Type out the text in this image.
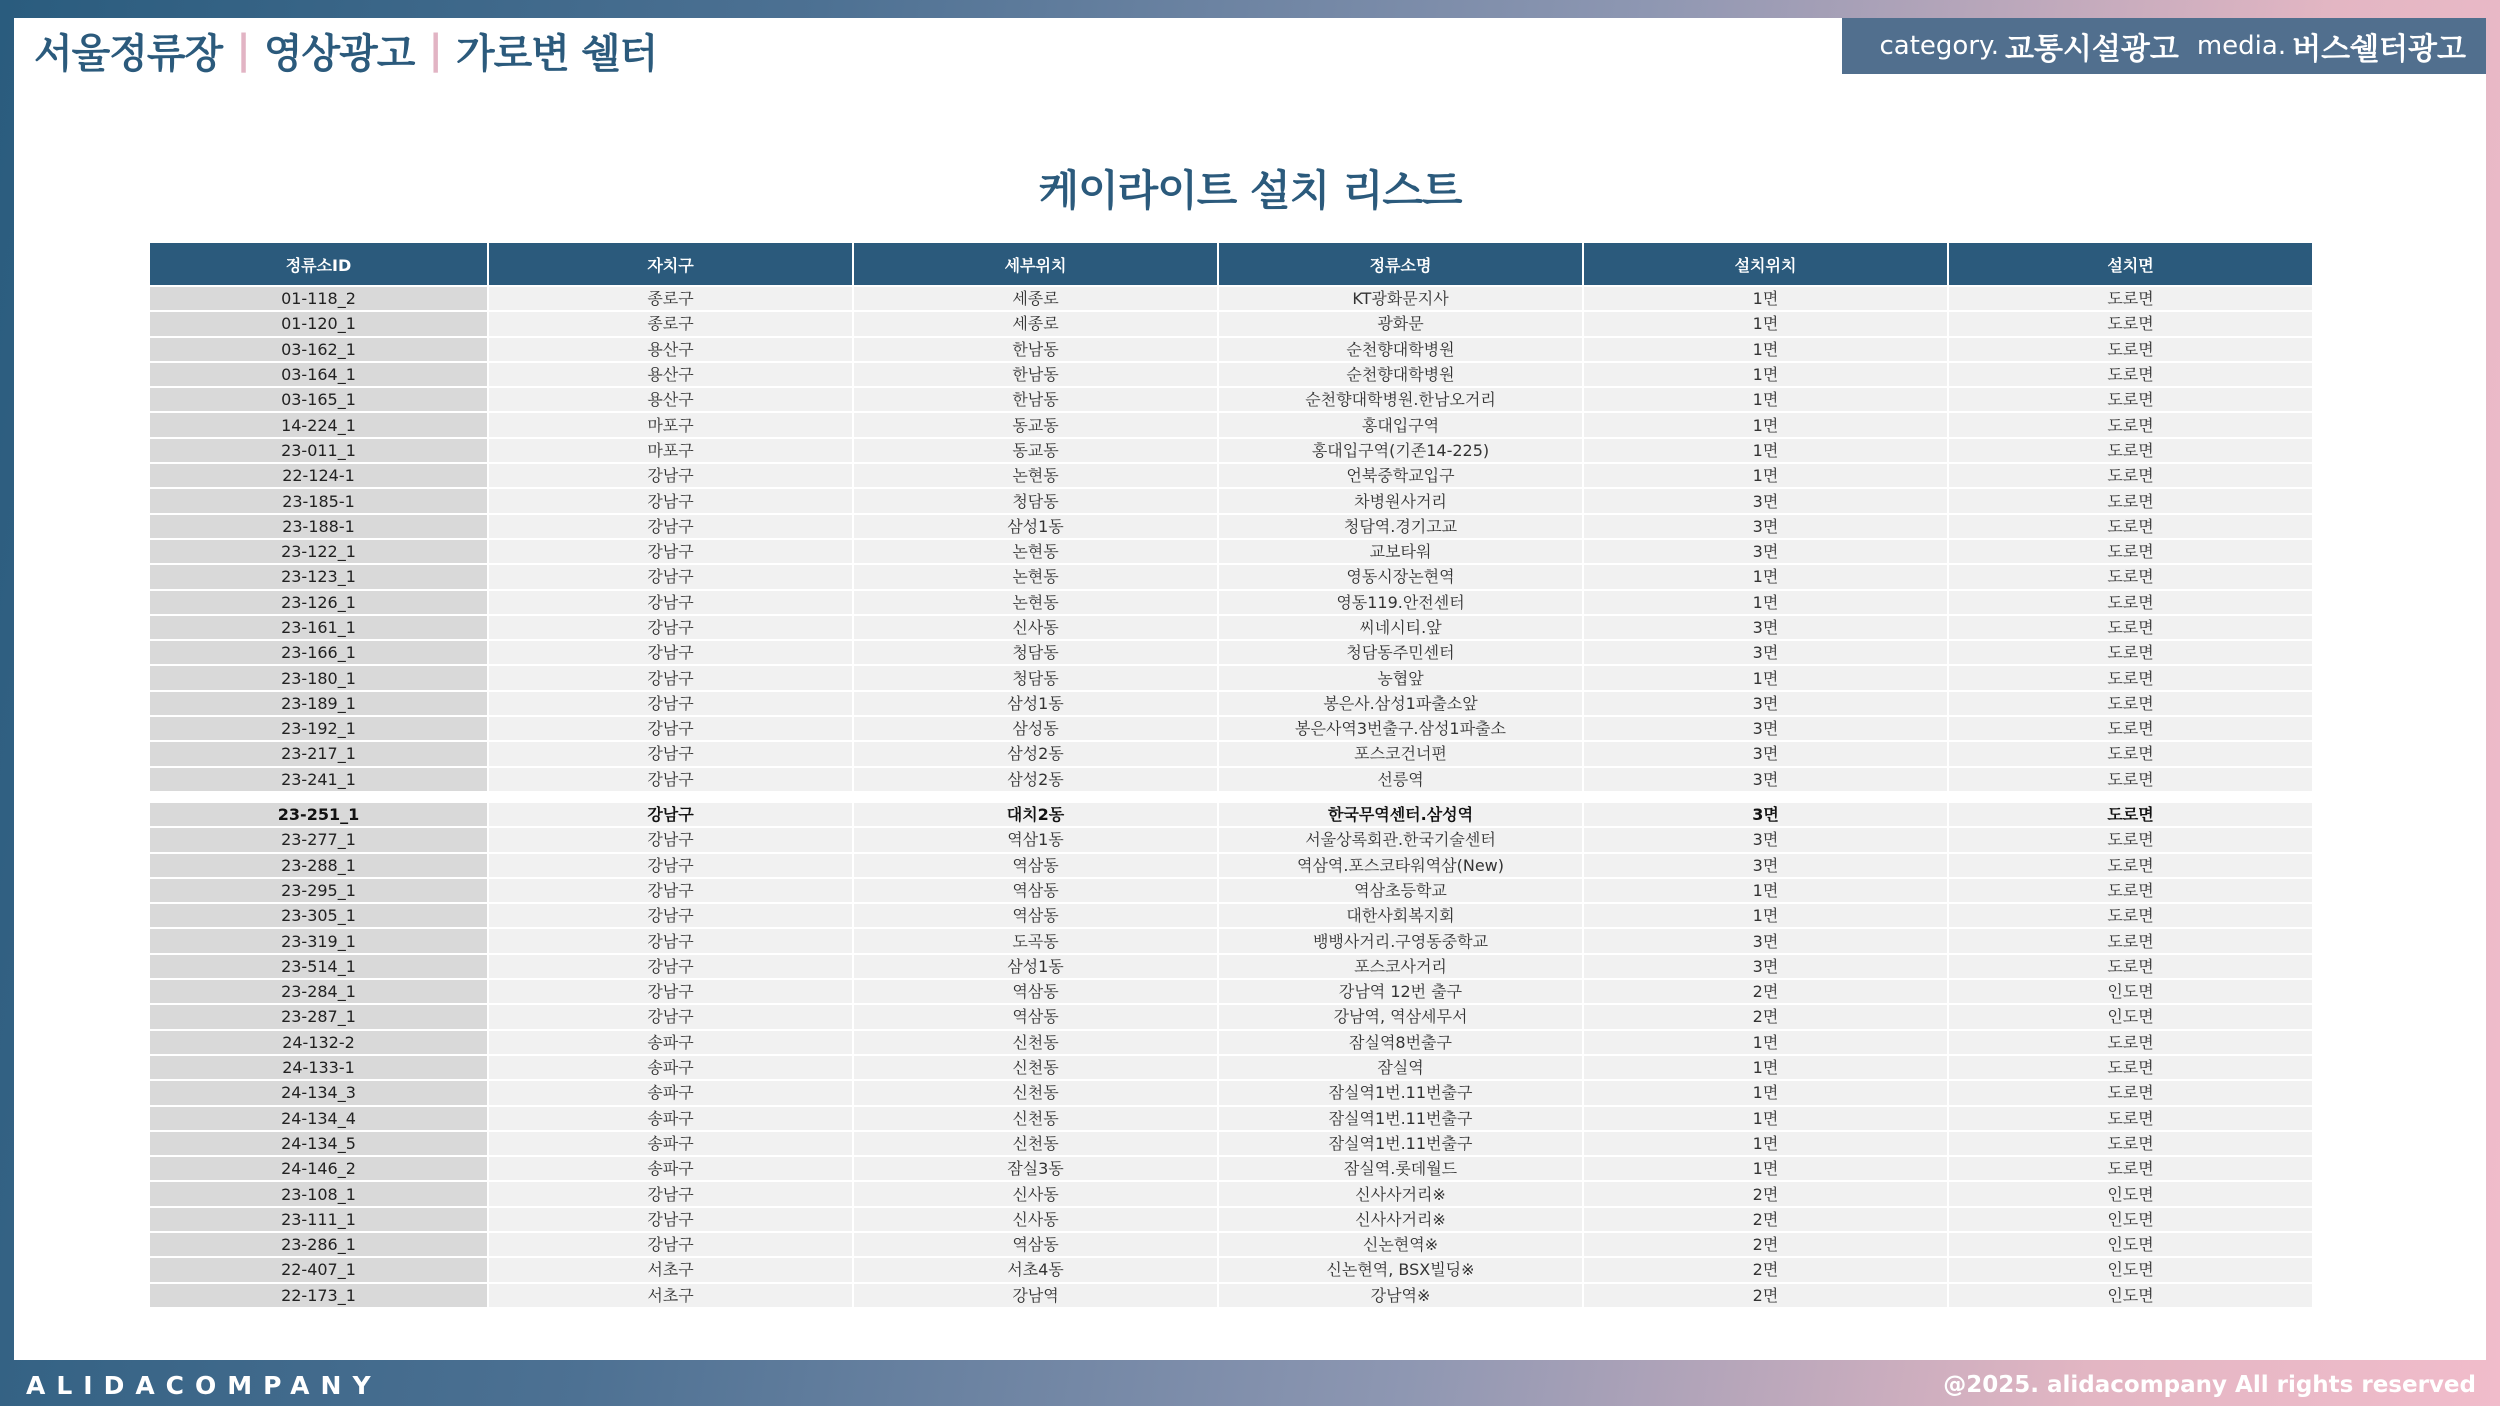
서울정류장 | 영상광고 | 가로변 쉘터	category. 교통시설광고 media. 버스쉘터광고
케이라이트 설치 리스트
정류소ID	자치구	세부위치	정류소명	설치위치	설치면
01-118_2	종로구	세종로	KT광화문지사	1면	도로면
01-120_1	종로구	세종로	광화문	1면	도로면
03-162_1	용산구	한남동	순천향대학병원	1면	도로면
03-164_1	용산구	한남동	순천향대학병원	1면	도로면
03-165_1	용산구	한남동	순천향대학병원.한남오거리	1면	도로면
14-224_1	마포구	동교동	홍대입구역	1면	도로면
23-011_1	마포구	동교동	홍대입구역(기존14-225)	1면	도로면
22-124-1	강남구	논현동	언북중학교입구	1면	도로면
23-185-1	강남구	청담동	차병원사거리	3면	도로면
23-188-1	강남구	삼성1동	청담역.경기고교	3면	도로면
23-122_1	강남구	논현동	교보타워	3면	도로면
23-123_1	강남구	논현동	영동시장논현역	1면	도로면
23-126_1	강남구	논현동	영동119.안전센터	1면	도로면
23-161_1	강남구	신사동	씨네시티.앞	3면	도로면
23-166_1	강남구	청담동	청담동주민센터	3면	도로면
23-180_1	강남구	청담동	농협앞	1면	도로면
23-189_1	강남구	삼성1동	봉은사.삼성1파출소앞	3면	도로면
23-192_1	강남구	삼성동	봉은사역3번출구.삼성1파출소	3면	도로면
23-217_1	강남구	삼성2동	포스코건너편	3면	도로면
23-241_1	강남구	삼성2동	선릉역	3면	도로면

23-251_1	강남구	대치2동	한국무역센터.삼성역	3면	도로면
23-277_1	강남구	역삼1동	서울상록회관.한국기술센터	3면	도로면
23-288_1	강남구	역삼동	역삼역.포스코타워역삼(New)	3면	도로면
23-295_1	강남구	역삼동	역삼초등학교	1면	도로면
23-305_1	강남구	역삼동	대한사회복지회	1면	도로면
23-319_1	강남구	도곡동	뱅뱅사거리.구영동중학교	3면	도로면
23-514_1	강남구	삼성1동	포스코사거리	3면	도로면
23-284_1	강남구	역삼동	강남역 12번 출구	2면	인도면
23-287_1	강남구	역삼동	강남역, 역삼세무서	2면	인도면
24-132-2	송파구	신천동	잠실역8번출구	1면	도로면
24-133-1	송파구	신천동	잠실역	1면	도로면
24-134_3	송파구	신천동	잠실역1번.11번출구	1면	도로면
24-134_4	송파구	신천동	잠실역1번.11번출구	1면	도로면
24-134_5	송파구	신천동	잠실역1번.11번출구	1면	도로면
24-146_2	송파구	잠실3동	잠실역.롯데월드	1면	도로면
23-108_1	강남구	신사동	신사사거리※	2면	인도면
23-111_1	강남구	신사동	신사사거리※	2면	인도면
23-286_1	강남구	역삼동	신논현역※	2면	인도면
22-407_1	서초구	서초4동	신논현역, BSX빌딩※	2면	인도면
22-173_1	서초구	강남역	강남역※	2면	인도면
ALIDACOMPANY	@2025. alidacompany All rights reserved
